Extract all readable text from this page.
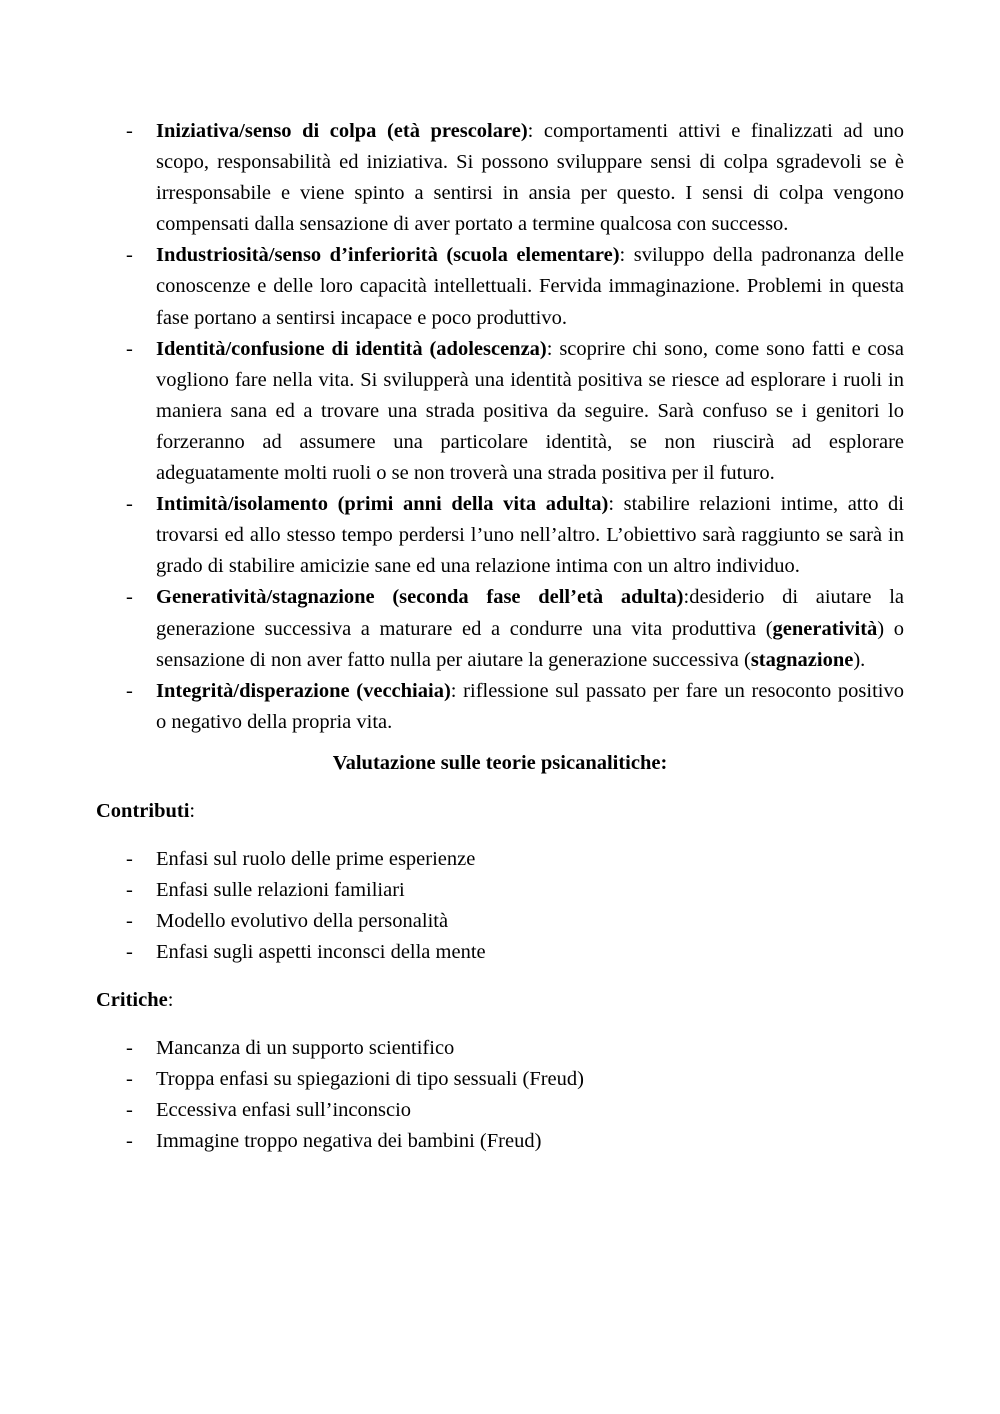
- Iniziativa/senso di colpa (età prescolare): comportamenti attivi e finalizzati ad uno scopo, responsabilità ed iniziativa. Si possono sviluppare sensi di colpa sgradevoli se è irresponsabile e viene spinto a sentirsi in ansia per questo. I sensi di colpa vengono compensati dalla sensazione di aver portato a termine qualcosa con successo.
- Industriosità/senso d’inferiorità (scuola elementare): sviluppo della padronanza delle conoscenze e delle loro capacità intellettuali. Fervida immaginazione. Problemi in questa fase portano a sentirsi incapace e poco produttivo.
- Identità/confusione di identità (adolescenza): scoprire chi sono, come sono fatti e cosa vogliono fare nella vita. Si svilupperà una identità positiva se riesce ad esplorare i ruoli in maniera sana ed a trovare una strada positiva da seguire. Sarà confuso se i genitori lo forzeranno ad assumere una particolare identità, se non riuscirà ad esplorare adeguatamente molti ruoli o se non troverà una strada positiva per il futuro.
- Intimità/isolamento (primi anni della vita adulta): stabilire relazioni intime, atto di trovarsi ed allo stesso tempo perdersi l’uno nell’altro. L’obiettivo sarà raggiunto se sarà in grado di stabilire amicizie sane ed una relazione intima con un altro individuo.
- Generatività/stagnazione (seconda fase dell’età adulta):desiderio di aiutare la generazione successiva a maturare ed a condurre una vita produttiva (generatività) o sensazione di non aver fatto nulla per aiutare la generazione successiva (stagnazione).
- Integrità/disperazione (vecchiaia): riflessione sul passato per fare un resoconto positivo o negativo della propria vita.
Valutazione sulle teorie psicanalitiche:
Contributi:
- Enfasi sul ruolo delle prime esperienze
- Enfasi sulle relazioni familiari
- Modello evolutivo della personalità
- Enfasi sugli aspetti inconsci della mente
Critiche:
- Mancanza di un supporto scientifico
- Troppa enfasi su spiegazioni di tipo sessuali (Freud)
- Eccessiva enfasi sull’inconscio
- Immagine troppo negativa dei bambini (Freud)
